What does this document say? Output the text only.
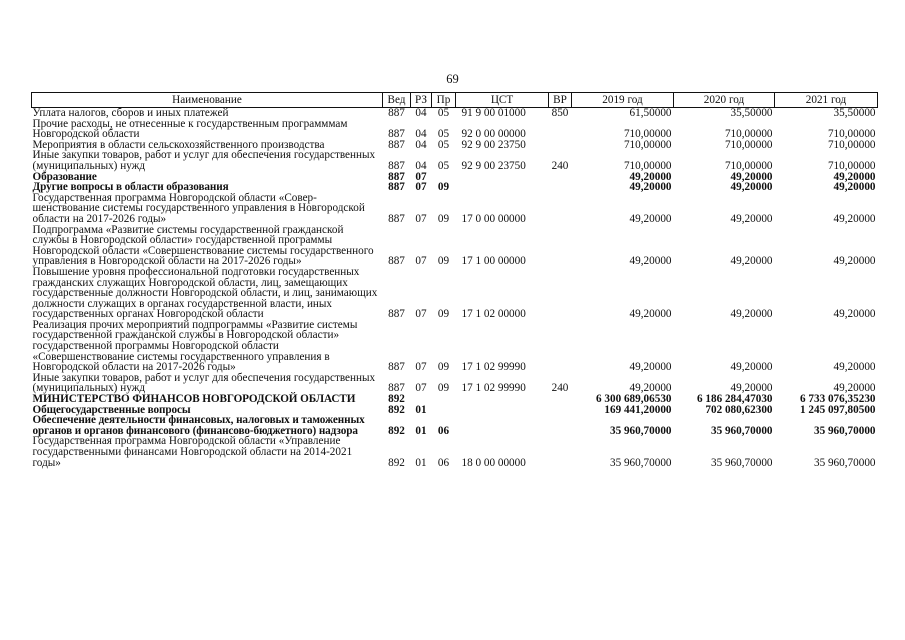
69
Наименование	Вед	РЗ	Пр	ЦСТ	ВР	2019 год	2020 год	2021 год
Уплата налогов, сборов и иных платежей	887	04	05	91 9 00 01000	850	61,50000	35,50000	35,50000
Прочие расходы, не отнесенные к государственным программмам Новгородской области	887	04	05	92 0 00 00000		710,00000	710,00000	710,00000
Мероприятия в области сельскохозяйственного производства	887	04	05	92 9 00 23750		710,00000	710,00000	710,00000
Иные закупки товаров, работ и услуг для обеспечения государственных (муниципальных) нужд	887	04	05	92 9 00 23750	240	710,00000	710,00000	710,00000
Образование	887	07				49,20000	49,20000	49,20000
Другие вопросы в области образования	887	07	09			49,20000	49,20000	49,20000
Государственная программа Новгородской области «Совершенствование системы государственного управления в Новгородской области на 2017-2026 годы»	887	07	09	17 0 00 00000		49,20000	49,20000	49,20000
Подпрограмма «Развитие системы государственной гражданской службы в Новгородской области» государственной программы Новгородской области «Совершенствование системы государственного управления в Новгородской области на 2017-2026 годы»	887	07	09	17 1 00 00000		49,20000	49,20000	49,20000
Повышение уровня профессиональной подготовки государственных гражданских служащих Новгородской области, лиц, замещающих государственные должности Новгородской области, и лиц, занимающих должности служащих в органах государственной власти, иных государственных органах Новгородской области	887	07	09	17 1 02 00000		49,20000	49,20000	49,20000
Реализация прочих мероприятий подпрограммы «Развитие системы государственной гражданской службы в Новгородской области» государственной программы Новгородской области «Совершенствование системы государственного управления в Новгородской области на 2017-2026 годы»	887	07	09	17 1 02 99990		49,20000	49,20000	49,20000
Иные закупки товаров, работ и услуг для обеспечения государственных (муниципальных) нужд	887	07	09	17 1 02 99990	240	49,20000	49,20000	49,20000
МИНИСТЕРСТВО ФИНАНСОВ НОВГОРОДСКОЙ ОБЛАСТИ	892					6 300 689,06530	6 186 284,47030	6 733 076,35230
Общегосударственные вопросы	892	01				169 441,20000	702 080,62300	1 245 097,80500
Обеспечение деятельности финансовых, налоговых и таможенных органов и органов финансового (финансово-бюджетного) надзора	892	01	06			35 960,70000	35 960,70000	35 960,70000
Государственная программа Новгородской области «Управление государственными финансами Новгородской области на 2014-2021 годы»	892	01	06	18 0 00 00000		35 960,70000	35 960,70000	35 960,70000
